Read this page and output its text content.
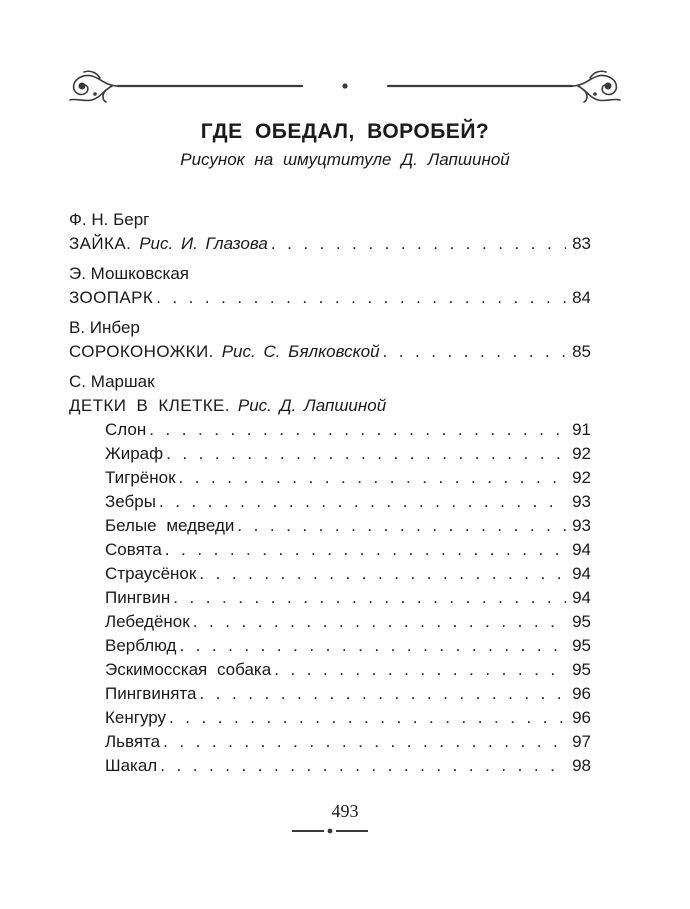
ГДЕ ОБЕДАЛ, ВОРОБЕЙ?
Рисунок на шмуцтитуле Д. Лапшиной
Ф. Н. Берг
ЗАЙКА. Рис. И. Глазова . . .	83
Э. Мошковская
ЗООПАРК . . .	84
В. Инбер
СОРОКОНОЖКИ. Рис. С. Бялковской . . .	85
С. Маршак
ДЕТКИ В КЛЕТКЕ. Рис. Д. Лапшиной
Слон . . .	91
Жираф . . .	92
Тигрёнок . . .	92
Зебры . . .	93
Белые медведи . . .	93
Совята . . .	94
Страусёнок . . .	94
Пингвин . . .	94
Лебедёнок . . .	95
Верблюд . . .	95
Эскимосская собака . . .	95
Пингвинята . . .	96
Кенгуру . . .	96
Львята . . .	97
Шакал . . .	98
493
